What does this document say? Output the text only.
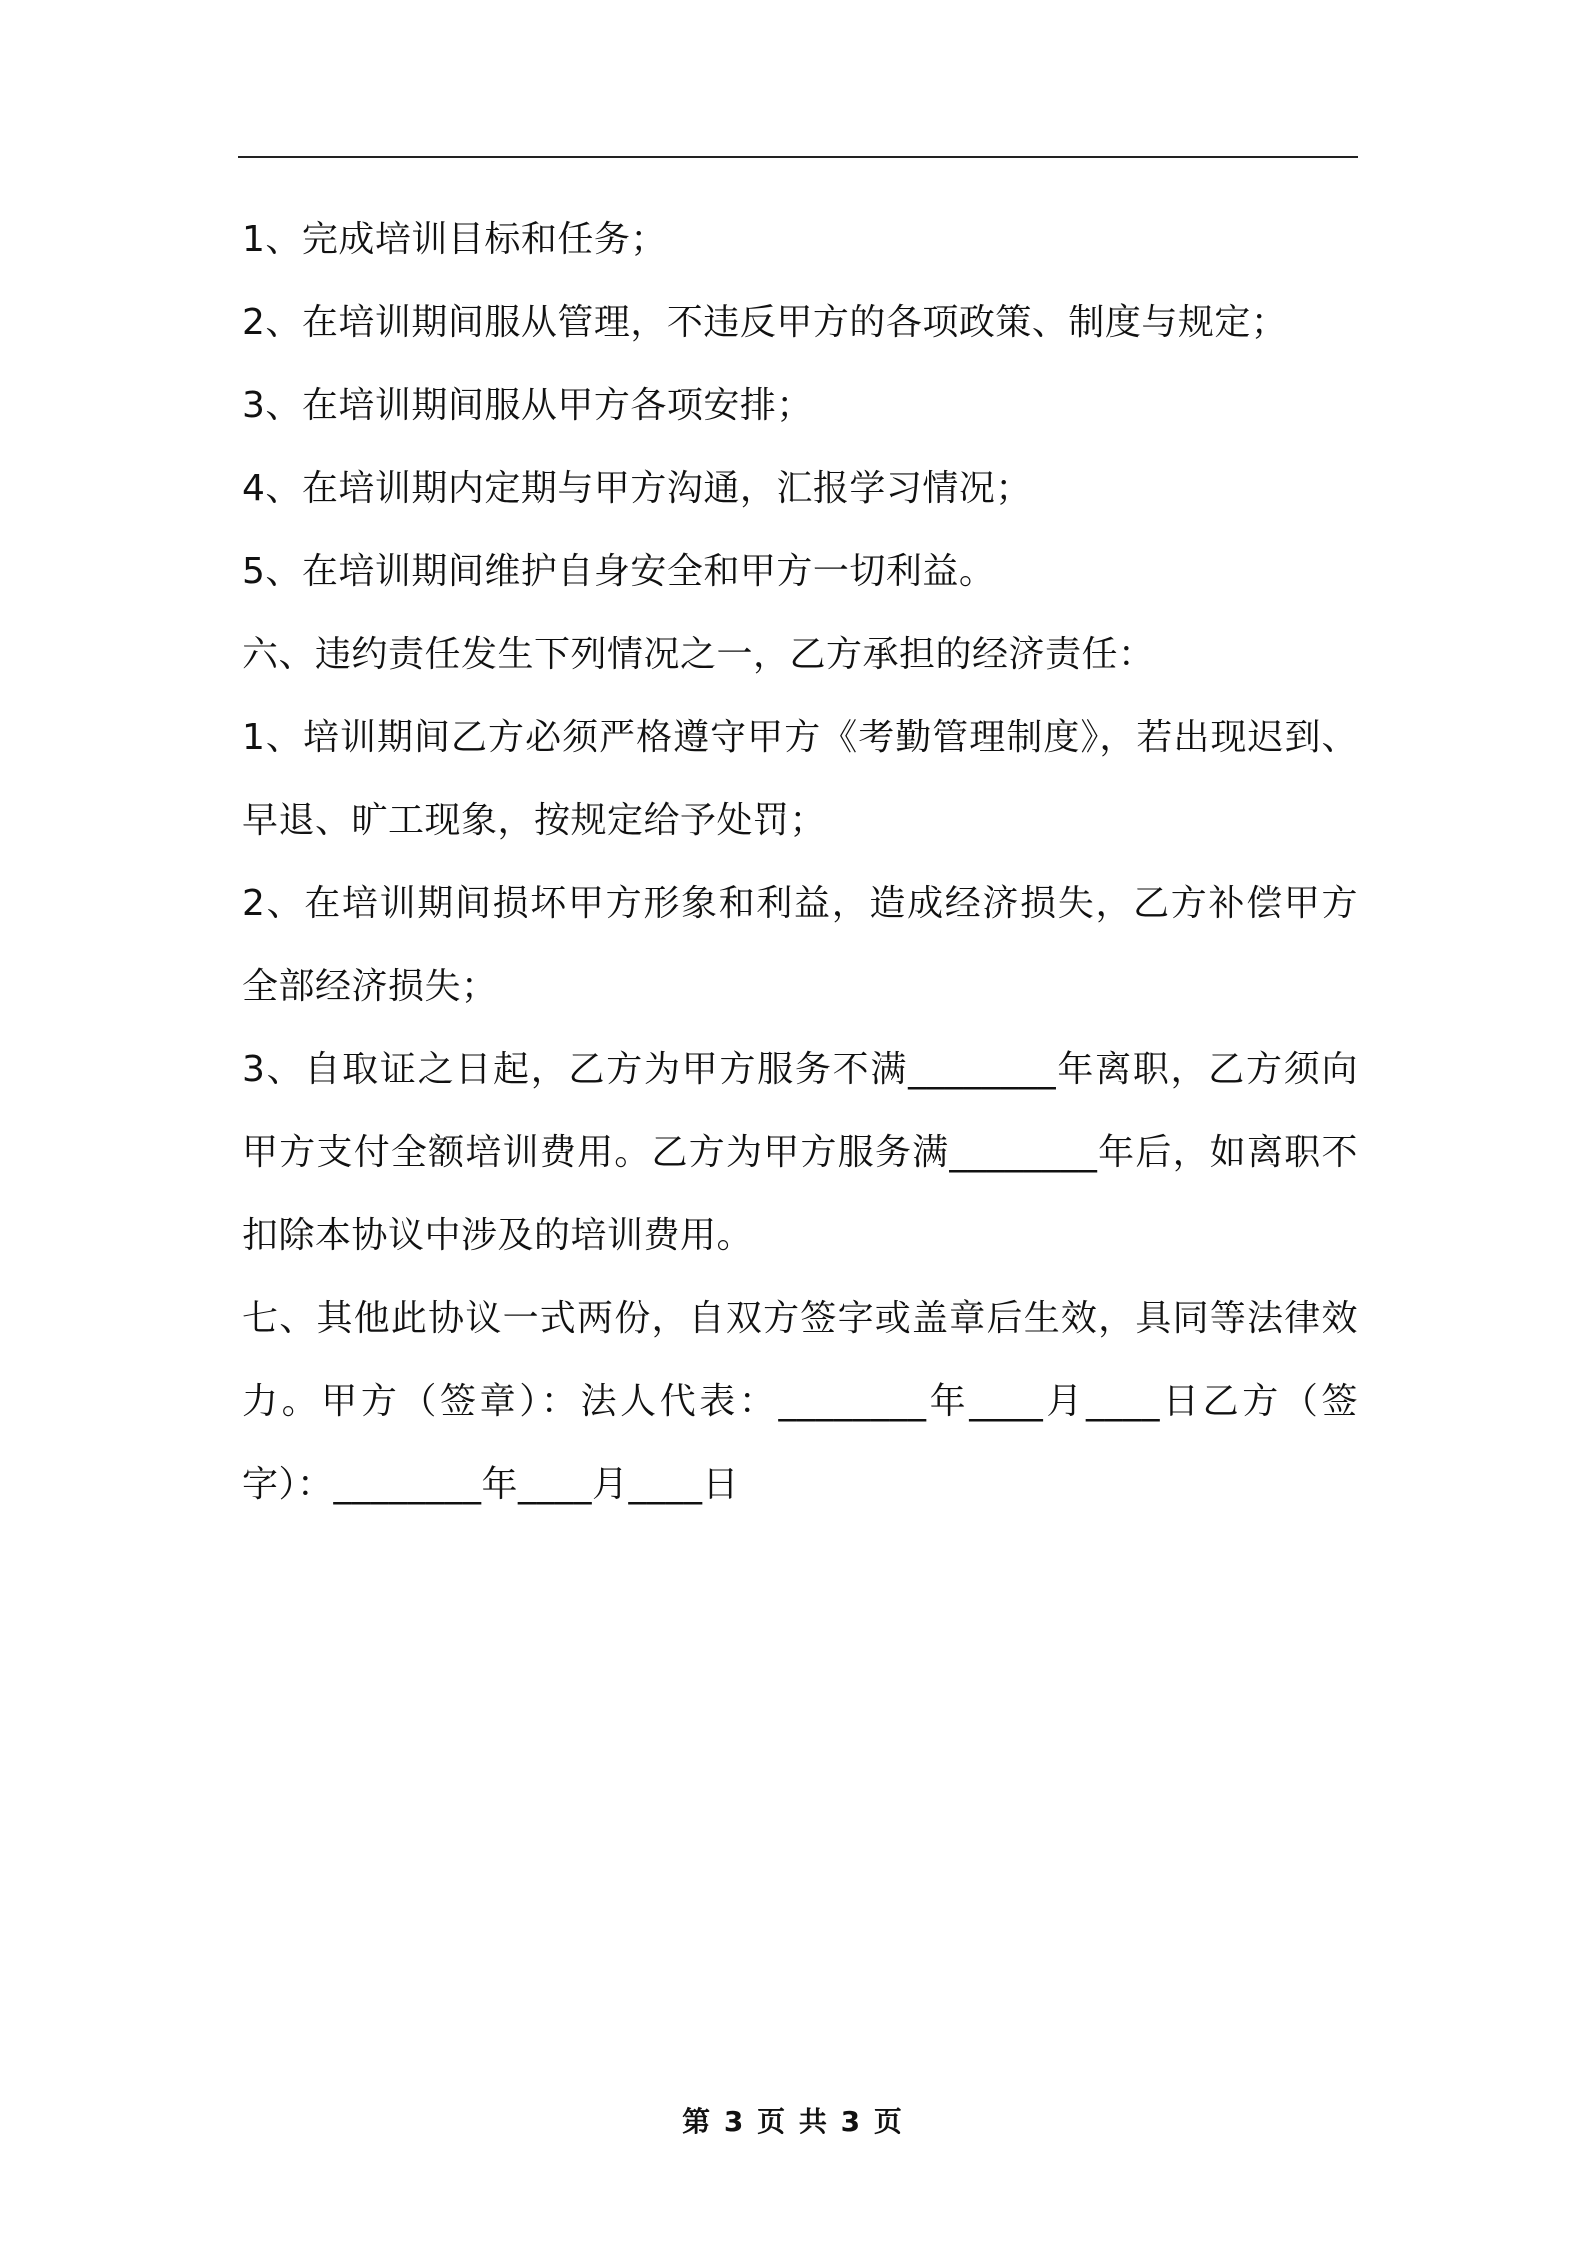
1、完成培训目标和任务；

2、在培训期间服从管理，不违反甲方的各项政策、制度与规定；

3、在培训期间服从甲方各项安排；

4、在培训期内定期与甲方沟通，汇报学习情况；

5、在培训期间维护自身安全和甲方一切利益。

六、违约责任发生下列情况之一，乙方承担的经济责任：

1、培训期间乙方必须严格遵守甲方《考勤管理制度》，若出现迟到、早退、旷工现象，按规定给予处罚；

2、在培训期间损坏甲方形象和利益，造成经济损失，乙方补偿甲方全部经济损失；

3、自取证之日起，乙方为甲方服务不满________年离职，乙方须向甲方支付全额培训费用。乙方为甲方服务满________年后，如离职不扣除本协议中涉及的培训费用。

七、其他此协议一式两份，自双方签字或盖章后生效，具同等法律效力。甲方（签章）：法人代表：________年____月____日乙方（签字）：________年____月____日

第 3 页 共 3 页
